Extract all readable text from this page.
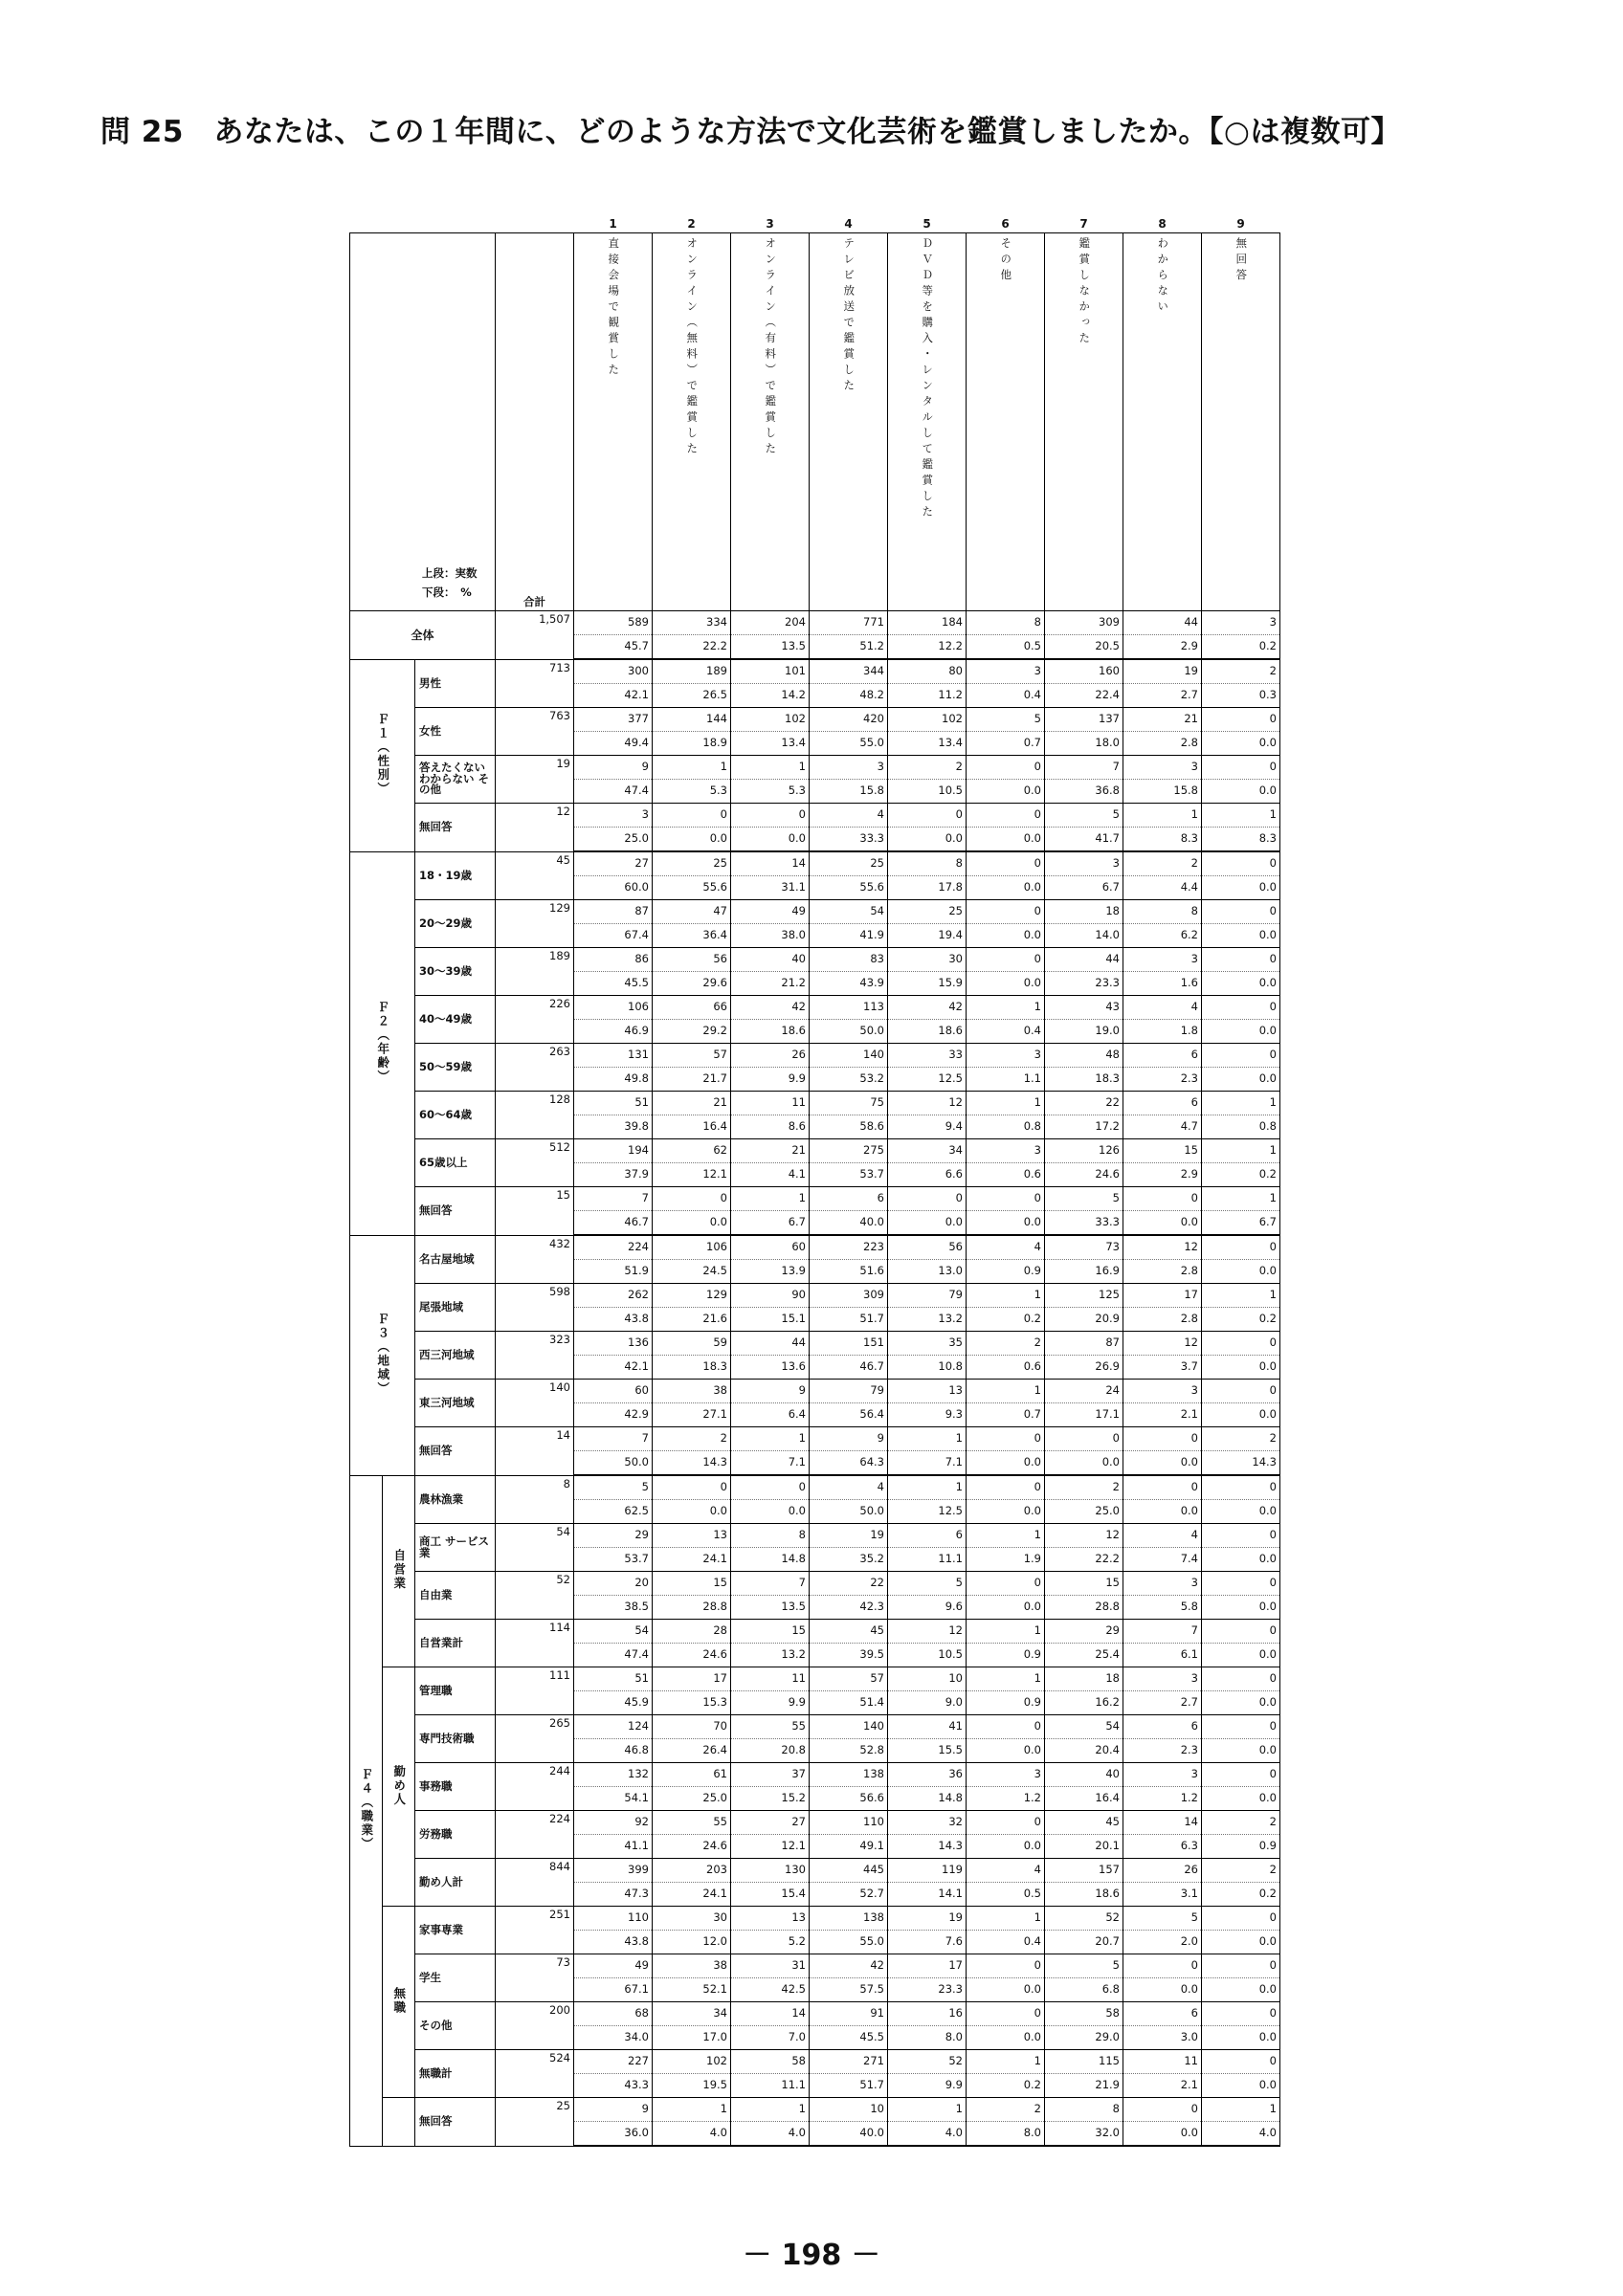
問 25　あなたは、この１年間に、どのような方法で文化芸術を鑑賞しましたか。【○は複数可】
				1	2	3	4	5	6	7	8	9

上段：実数
下段：　%			合計	直接会場で観賞した	オンライン（無料）で鑑賞した	オンライン（有料）で鑑賞した	テレビ放送で鑑賞した	ＤＶＤ等を購入・レンタルして鑑賞した	その他	鑑賞しなかった	わからない	無回答
全体			1,507	589	334	204	771	184	8	309	44	3
				45.7	22.2	13.5	51.2	12.2	0.5	20.5	2.9	0.2
Ｆ１（性別）		男性	713	300	189	101	344	80	3	160	19	2
				42.1	26.5	14.2	48.2	11.2	0.4	22.4	2.7	0.3
		女性	763	377	144	102	420	102	5	137	21	0
				49.4	18.9	13.4	55.0	13.4	0.7	18.0	2.8	0.0
		答えたくない わからない その他	19	9	1	1	3	2	0	7	3	0
				47.4	5.3	5.3	15.8	10.5	0.0	36.8	15.8	0.0
		無回答	12	3	0	0	4	0	0	5	1	1
				25.0	0.0	0.0	33.3	0.0	0.0	41.7	8.3	8.3
Ｆ２（年齢）		18・19歳	45	27	25	14	25	8	0	3	2	0
				60.0	55.6	31.1	55.6	17.8	0.0	6.7	4.4	0.0
		20～29歳	129	87	47	49	54	25	0	18	8	0
				67.4	36.4	38.0	41.9	19.4	0.0	14.0	6.2	0.0
		30～39歳	189	86	56	40	83	30	0	44	3	0
				45.5	29.6	21.2	43.9	15.9	0.0	23.3	1.6	0.0
		40～49歳	226	106	66	42	113	42	1	43	4	0
				46.9	29.2	18.6	50.0	18.6	0.4	19.0	1.8	0.0
		50～59歳	263	131	57	26	140	33	3	48	6	0
				49.8	21.7	9.9	53.2	12.5	1.1	18.3	2.3	0.0
		60～64歳	128	51	21	11	75	12	1	22	6	1
				39.8	16.4	8.6	58.6	9.4	0.8	17.2	4.7	0.8
		65歳以上	512	194	62	21	275	34	3	126	15	1
				37.9	12.1	4.1	53.7	6.6	0.6	24.6	2.9	0.2
		無回答	15	7	0	1	6	0	0	5	0	1
				46.7	0.0	6.7	40.0	0.0	0.0	33.3	0.0	6.7
Ｆ３（地域）		名古屋地域	432	224	106	60	223	56	4	73	12	0
				51.9	24.5	13.9	51.6	13.0	0.9	16.9	2.8	0.0
		尾張地域	598	262	129	90	309	79	1	125	17	1
				43.8	21.6	15.1	51.7	13.2	0.2	20.9	2.8	0.2
		西三河地域	323	136	59	44	151	35	2	87	12	0
				42.1	18.3	13.6	46.7	10.8	0.6	26.9	3.7	0.0
		東三河地域	140	60	38	9	79	13	1	24	3	0
				42.9	27.1	6.4	56.4	9.3	0.7	17.1	2.1	0.0
		無回答	14	7	2	1	9	1	0	0	0	2
				50.0	14.3	7.1	64.3	7.1	0.0	0.0	0.0	14.3
Ｆ４（職業）	自営業	農林漁業	8	5	0	0	4	1	0	2	0	0
				62.5	0.0	0.0	50.0	12.5	0.0	25.0	0.0	0.0
		商工 サービス業	54	29	13	8	19	6	1	12	4	0
				53.7	24.1	14.8	35.2	11.1	1.9	22.2	7.4	0.0
		自由業	52	20	15	7	22	5	0	15	3	0
				38.5	28.8	13.5	42.3	9.6	0.0	28.8	5.8	0.0
		自営業計	114	54	28	15	45	12	1	29	7	0
				47.4	24.6	13.2	39.5	10.5	0.9	25.4	6.1	0.0
	勤め人	管理職	111	51	17	11	57	10	1	18	3	0
				45.9	15.3	9.9	51.4	9.0	0.9	16.2	2.7	0.0
		専門技術職	265	124	70	55	140	41	0	54	6	0
				46.8	26.4	20.8	52.8	15.5	0.0	20.4	2.3	0.0
		事務職	244	132	61	37	138	36	3	40	3	0
				54.1	25.0	15.2	56.6	14.8	1.2	16.4	1.2	0.0
		労務職	224	92	55	27	110	32	0	45	14	2
				41.1	24.6	12.1	49.1	14.3	0.0	20.1	6.3	0.9
		勤め人計	844	399	203	130	445	119	4	157	26	2
				47.3	24.1	15.4	52.7	14.1	0.5	18.6	3.1	0.2
	無職	家事専業	251	110	30	13	138	19	1	52	5	0
				43.8	12.0	5.2	55.0	7.6	0.4	20.7	2.0	0.0
		学生	73	49	38	31	42	17	0	5	0	0
				67.1	52.1	42.5	57.5	23.3	0.0	6.8	0.0	0.0
		その他	200	68	34	14	91	16	0	58	6	0
				34.0	17.0	7.0	45.5	8.0	0.0	29.0	3.0	0.0
		無職計	524	227	102	58	271	52	1	115	11	0
				43.3	19.5	11.1	51.7	9.9	0.2	21.9	2.1	0.0
		無回答	25	9	1	1	10	1	2	8	0	1
				36.0	4.0	4.0	40.0	4.0	8.0	32.0	0.0	4.0
－ 198 －
